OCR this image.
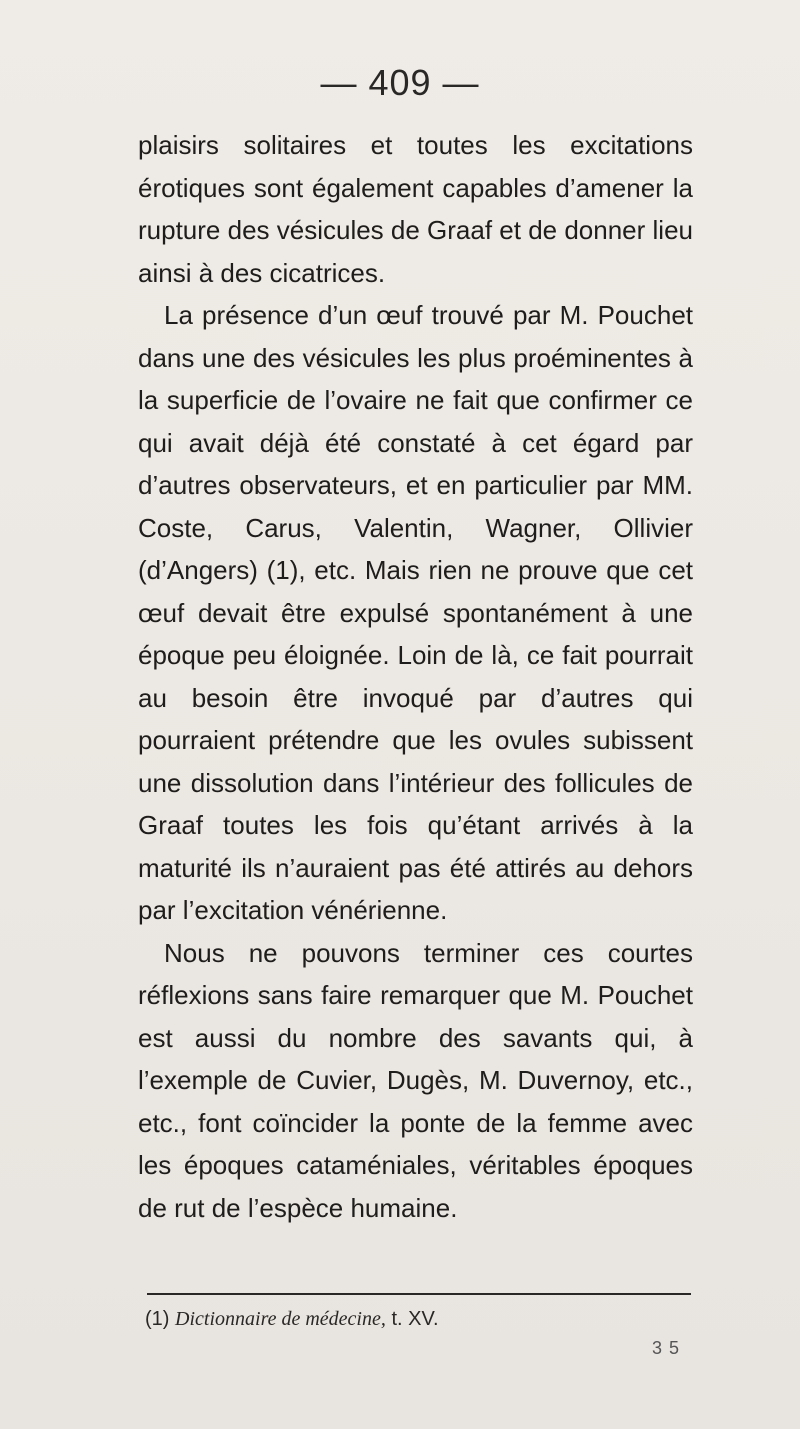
— 409 —

plaisirs solitaires et toutes les excitations érotiques sont également capables d’amener la rupture des vésicules de Graaf et de donner lieu ainsi à des cicatrices.

La présence d’un œuf trouvé par M. Pouchet dans une des vésicules les plus proéminentes à la superficie de l’ovaire ne fait que confirmer ce qui avait déjà été constaté à cet égard par d’autres observateurs, et en particulier par MM. Coste, Carus, Valentin, Wagner, Ollivier (d’Angers) (1), etc. Mais rien ne prouve que cet œuf devait être expulsé spontanément à une époque peu éloignée. Loin de là, ce fait pourrait au besoin être invoqué par d’autres qui pourraient prétendre que les ovules subissent une dissolution dans l’intérieur des follicules de Graaf toutes les fois qu’étant arrivés à la maturité ils n’auraient pas été attirés au dehors par l’excitation vénérienne.

Nous ne pouvons terminer ces courtes réflexions sans faire remarquer que M. Pouchet est aussi du nombre des savants qui, à l’exemple de Cuvier, Dugès, M. Duvernoy, etc., etc., font coïncider la ponte de la femme avec les époques cataméniales, véritables époques de rut de l’espèce humaine.

(1) Dictionnaire de médecine, t. XV.
3 5
